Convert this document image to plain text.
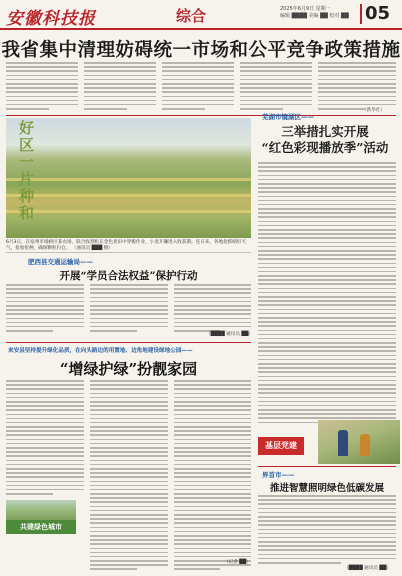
安徽科技报	综合	2025年6月9日 星期一
编辑 ████ 美编 ██ 校对 ██ 05
我省集中清理妨碍统一市场和公平竞争政策措施
（新华社）
好区一片种和
6月3日，在宿州市埇桥区某农场，联合收割机在金色麦田中穿梭作业，小麦开镰进入收获期。连日来，各地抢抓晴好天气，抢收抢种，确保颗粒归仓。 （通讯员 ███ 摄）
芜湖市镜湖区——
三举措扎实开展
“红色彩现播放季”活动
肥西县交通运输局——
开展“学员合法权益”保护行动
（████ 通讯员 ██）
来安县坚持提升绿化品质，在向头路边的用置地、边角地建设绿地公园——
“增绿护绿”扮靓家园
（记者 ██）
共建绿色城市
基层党建
界首市——
推进智慧照明绿色低碳发展
（████ 通讯员 ██）
